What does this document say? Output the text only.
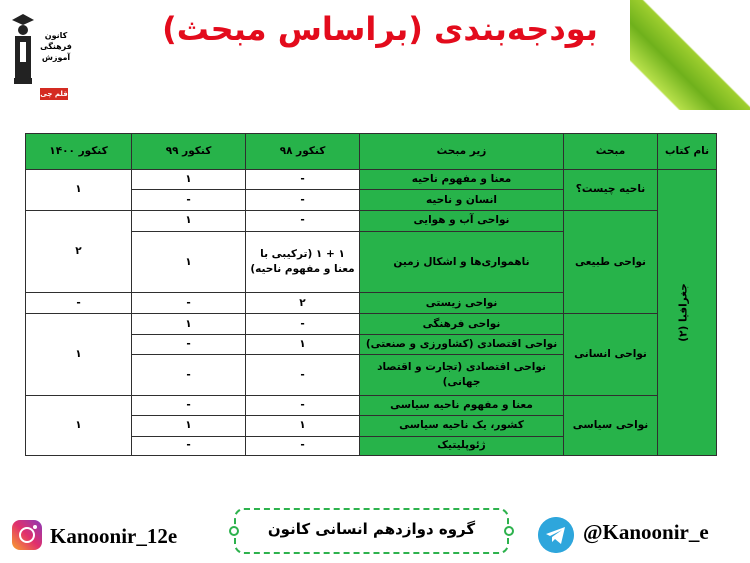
کانون
فرهنگی
آموزش
قلم چی
بودجه‌بندی (براساس مبحث)
نام کتاب	مبحث	زیر مبحث	کنکور ۹۸	کنکور ۹۹	کنکور ۱۴۰۰
جغرافیا (۲)	ناحیه چیست؟	معنا و مفهوم ناحیه	-	۱	۱
		انسان و ناحیه	-	-	
	نواحی طبیعی	نواحی آب و هوایی	-	۱	۲
		ناهمواری‌ها و اشکال زمین	۱ + ۱ (ترکیبی با معنا و مفهوم ناحیه)	۱	
		نواحی زیستی	۲	-	-
	نواحی انسانی	نواحی فرهنگی	-	۱	۱
		نواحی اقتصادی (کشاورزی و صنعتی)	۱	-	
		نواحی اقتصادی (تجارت و اقتصاد جهانی)	-	-	
	نواحی سیاسی	معنا و مفهوم ناحیه سیاسی	-	-	۱
		کشور، یک ناحیه سیاسی	۱	۱	
		ژئوپلیتیک	-	-	
Kanoonir_12e	گروه دوازدهم انسانی کانون	@Kanoonir_e
